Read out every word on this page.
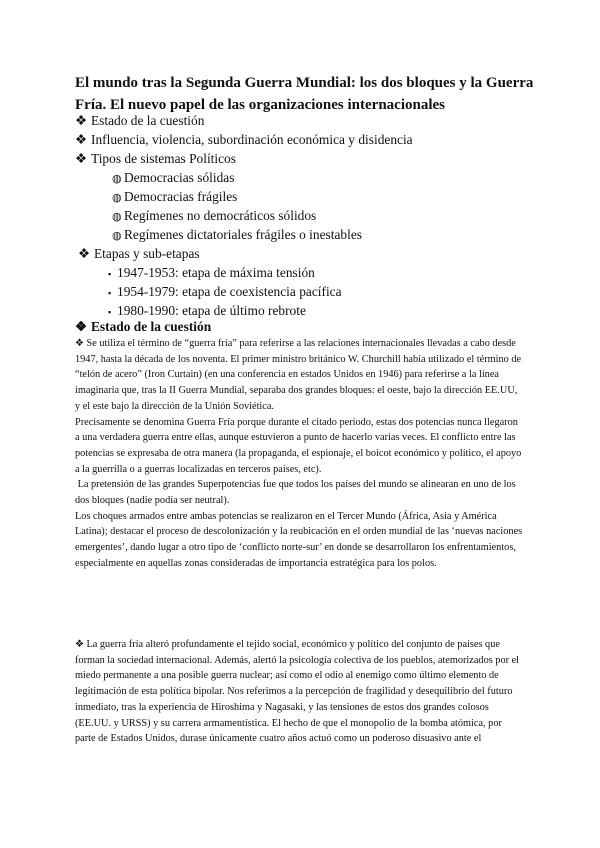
El mundo tras la Segunda Guerra Mundial: los dos bloques y la Guerra Fría. El nuevo papel de las organizaciones internacionales
❖ Estado de la cuestión
❖ Influencia, violencia, subordinación económica y disidencia
❖ Tipos de sistemas Políticos
◍ Democracias sólidas
◍ Democracias frágiles
◍ Regímenes no democráticos sólidos
◍ Regímenes dictatoriales frágiles o inestables
❖ Etapas y sub-etapas
▪ 1947-1953: etapa de máxima tensión
▪ 1954-1979: etapa de coexistencia pacífica
▪ 1980-1990: etapa de último rebrote
❖ Estado de la cuestión
❖ Se utiliza el término de “guerra fría” para referirse a las relaciones internacionales llevadas a cabo desde 1947, hasta la década de los noventa. El primer ministro británico W. Churchill había utilizado el término de “telón de acero” (Iron Curtain) (en una conferencia en estados Unidos en 1946) para referirse a la línea imaginaria que, tras la II Guerra Mundial, separaba dos grandes bloques: el oeste, bajo la dirección EE.UU, y el este bajo la dirección de la Unión Soviética.
Precisamente se denomina Guerra Fría porque durante el citado período, estas dos potencias nunca llegaron a una verdadera guerra entre ellas, aunque estuvieron a punto de hacerlo varias veces. El conflicto entre las potencias se expresaba de otra manera (la propaganda, el espionaje, el boicot económico y político, el apoyo a la guerrilla o a guerras localizadas en terceros países, etc).
La pretensión de las grandes Superpotencias fue que todos los países del mundo se alinearan en uno de los dos bloques (nadie podía ser neutral).
Los choques armados entre ambas potencias se realizaron en el Tercer Mundo (África, Asia y América Latina); destacar el proceso de descolonización y la reubicación en el orden mundial de las ‘nuevas naciones emergentes’, dando lugar a otro tipo de ‘conflicto norte-sur’ en donde se desarrollaron los enfrentamientos, especialmente en aquellas zonas consideradas de importancia estratégica para los polos.
❖ La guerra fría alteró profundamente el tejido social, económico y político del conjunto de países que forman la sociedad internacional. Además, alertó la psicología colectiva de los pueblos, atemorizados por el miedo permanente a una posible guerra nuclear; así como el odio al enemigo como último elemento de legitimación de esta política bipolar. Nos referimos a la percepción de fragilidad y desequilibrio del futuro inmediato, tras la experiencia de Hiroshima y Nagasaki, y las tensiones de estos dos grandes colosos (EE.UU. y URSS) y su carrera armamentística. El hecho de que el monopolio de la bomba atómica, por parte de Estados Unidos, durase únicamente cuatro años actuó como un poderoso disuasivo ante el
